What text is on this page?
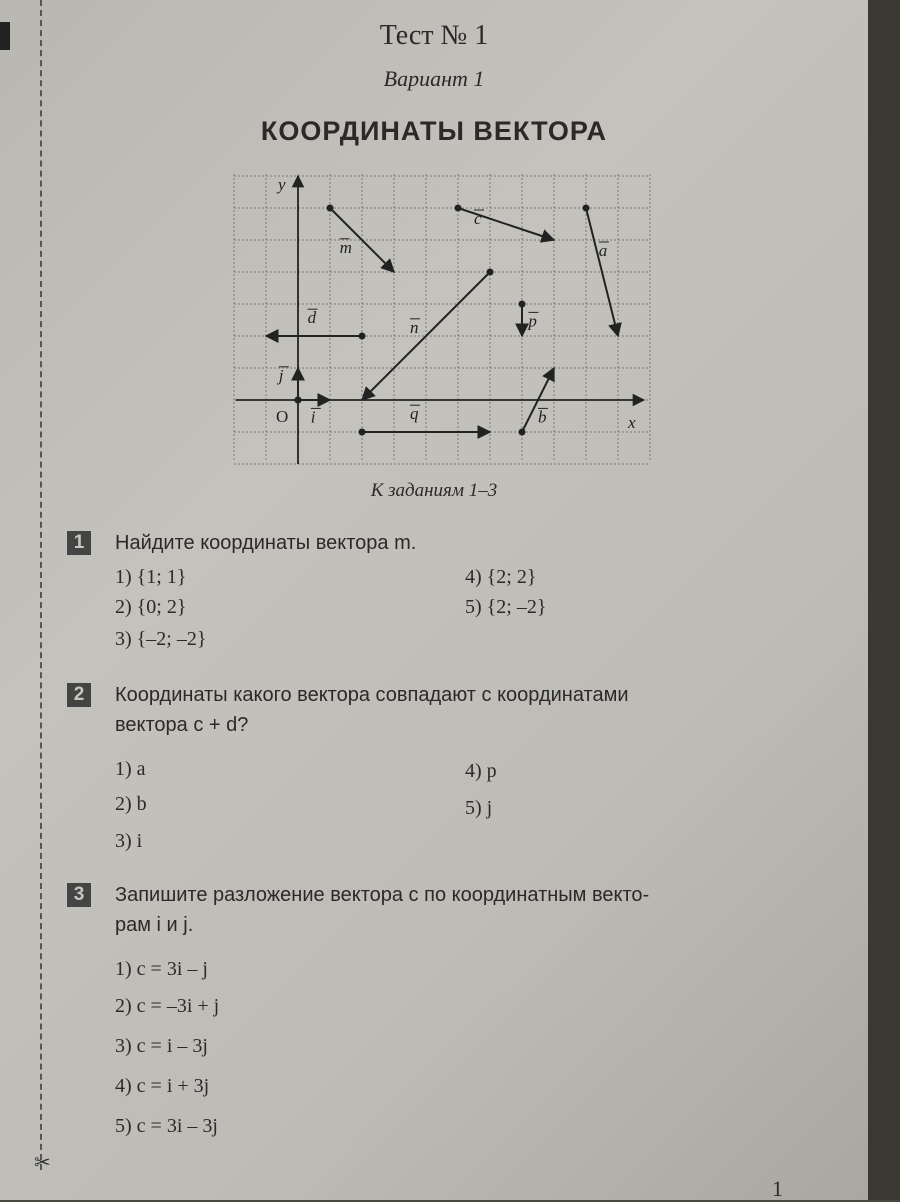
✂
Тест № 1
Вариант 1
КООРДИНАТЫ ВЕКТОРА
y
x
O
m
c
a
d
n	p
j
i	q	b
К заданиям 1–3
1	Найдите координаты вектора m.
1) {1; 1}
2) {0; 2}
3) {–2; –2}
4) {2; 2}
5) {2; –2}
2	Координаты какого вектора совпадают с координатами
вектора c + d?
1) a
2) b
3) i
4) p
5) j
3	Запишите разложение вектора c по координатным векто-
рам i и j.
1) c = 3i – j
2) c = –3i + j
3) c = i – 3j
4) c = i + 3j
5) c = 3i – 3j
1
